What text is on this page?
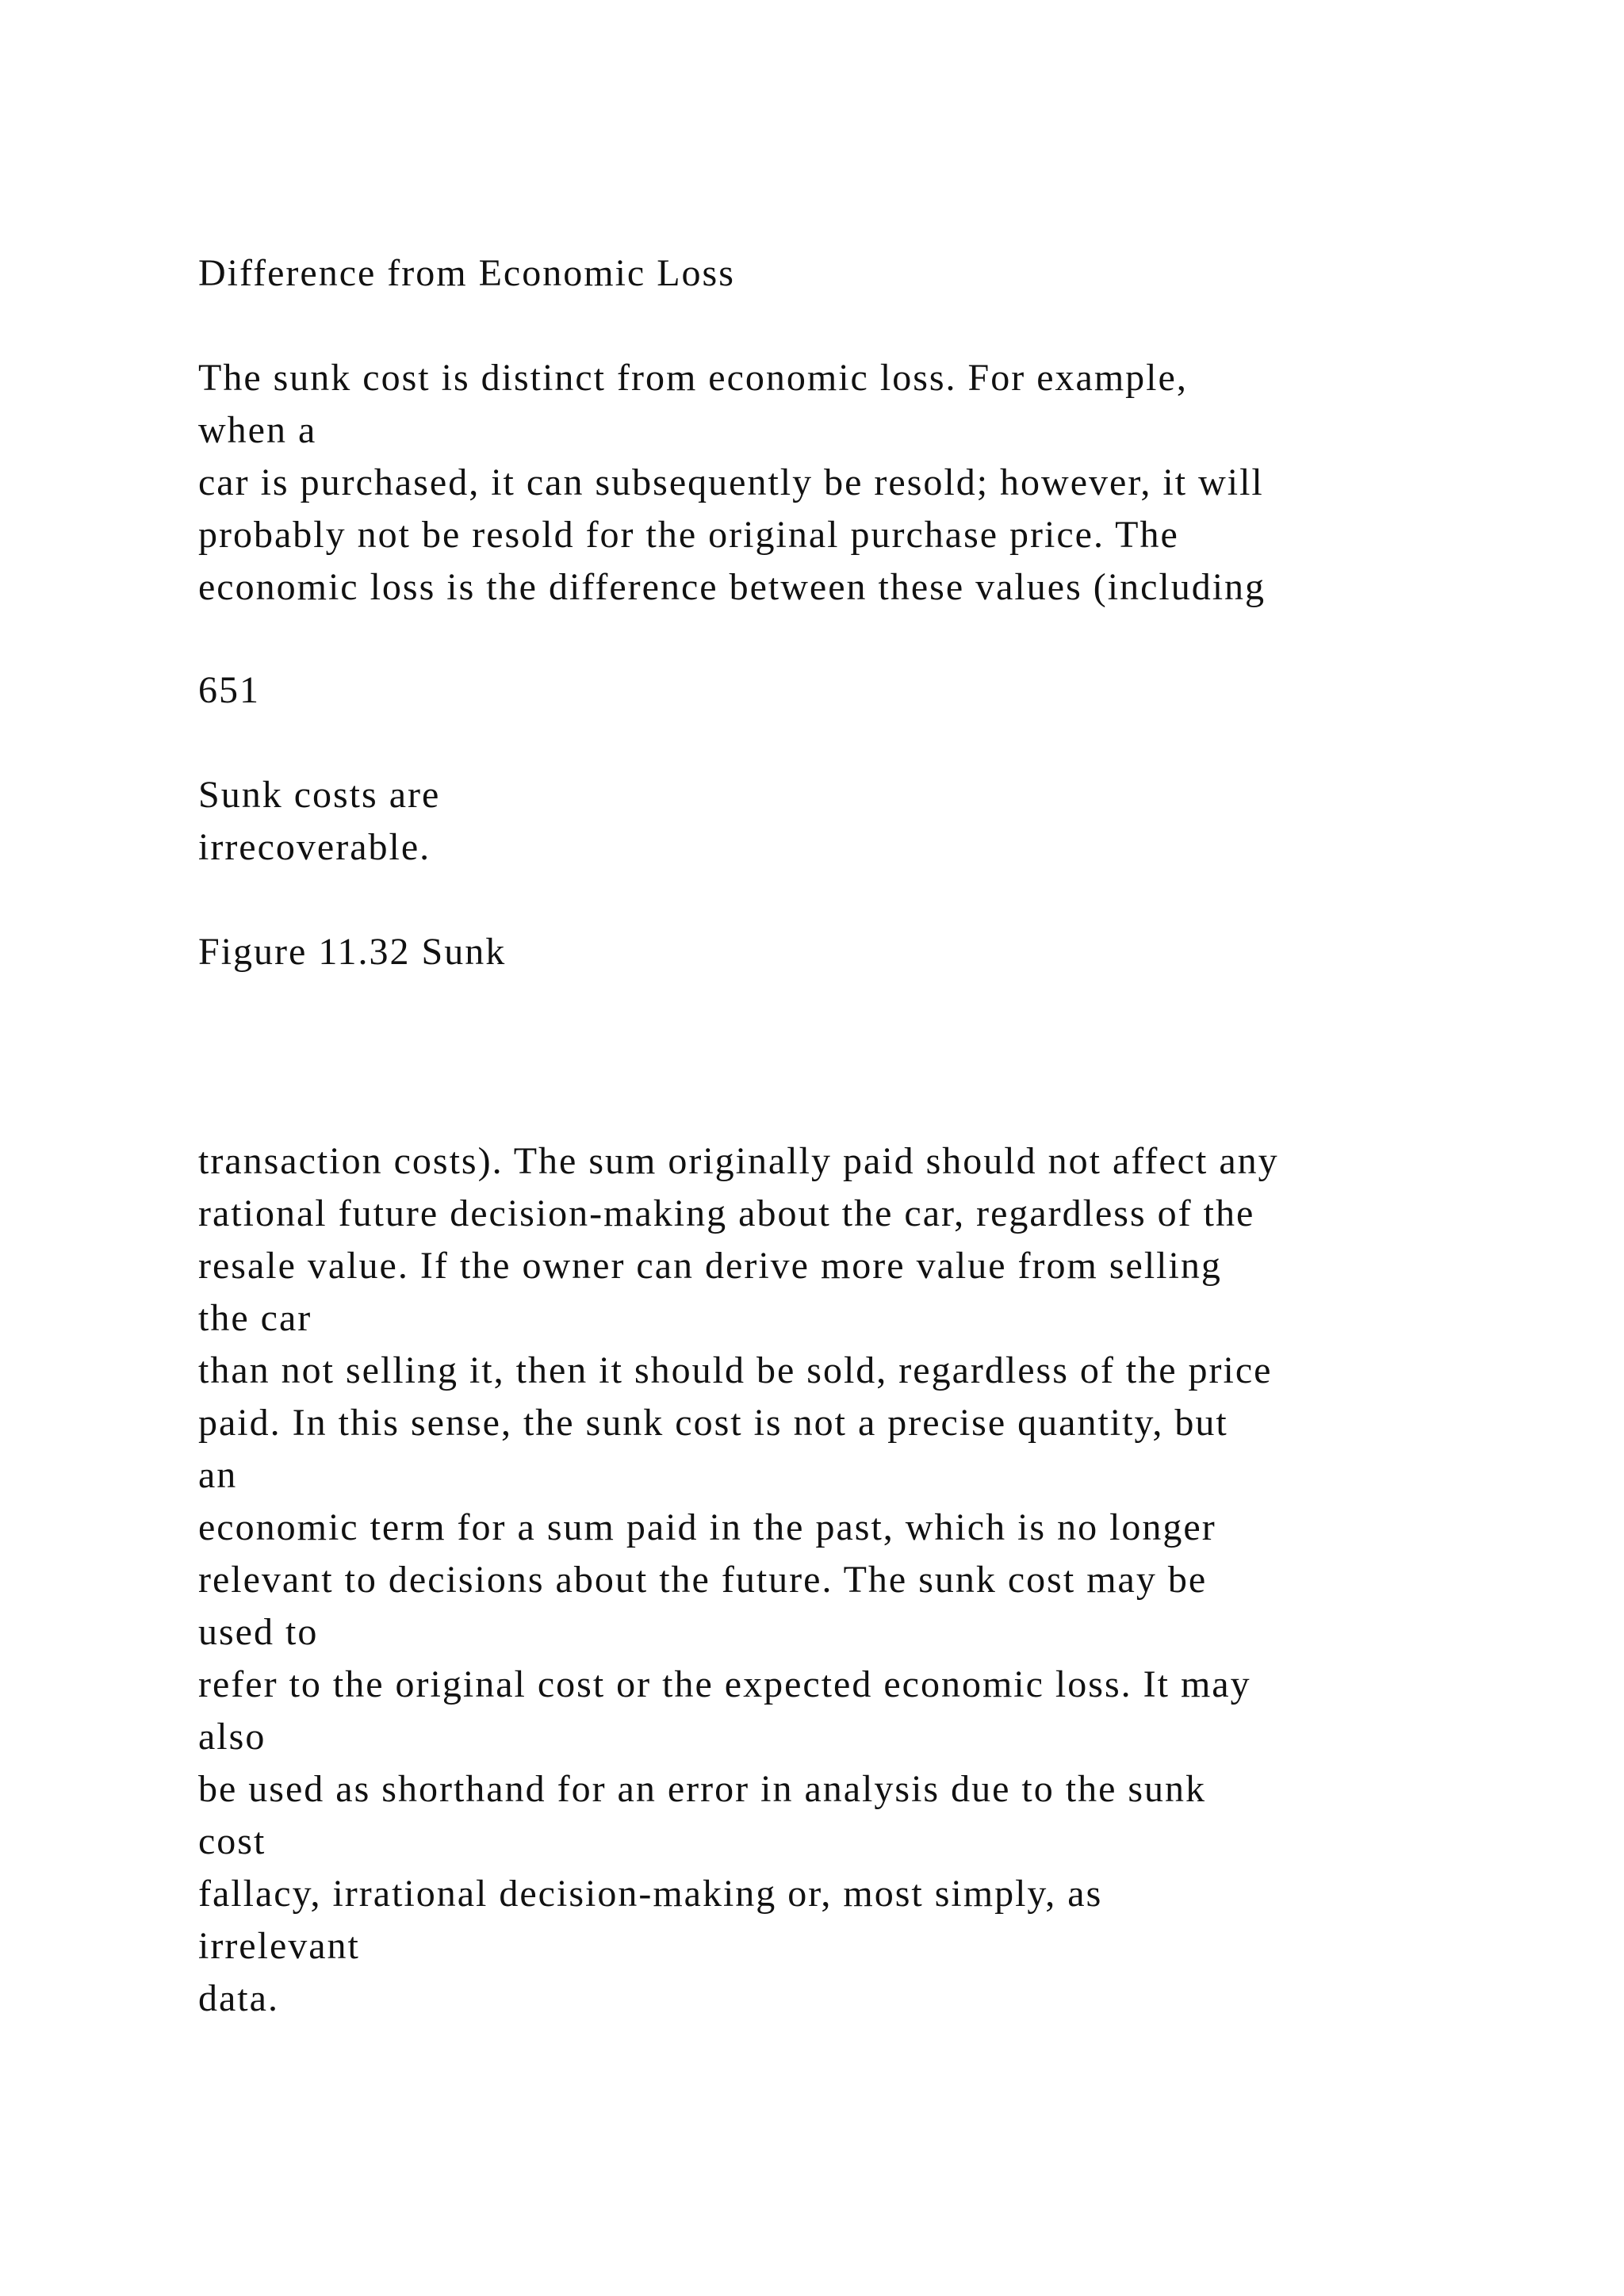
Difference from Economic Loss
The sunk cost is distinct from economic loss. For example,
when a
car is purchased, it can subsequently be resold; however, it will
probably not be resold for the original purchase price. The
economic loss is the difference between these values (including
651
Sunk costs are
irrecoverable.
Figure 11.32 Sunk
transaction costs). The sum originally paid should not affect any
rational future decision-making about the car, regardless of the
resale value. If the owner can derive more value from selling
the car
than not selling it, then it should be sold, regardless of the price
paid. In this sense, the sunk cost is not a precise quantity, but
an
economic term for a sum paid in the past, which is no longer
relevant to decisions about the future. The sunk cost may be
used to
refer to the original cost or the expected economic loss. It may
also
be used as shorthand for an error in analysis due to the sunk
cost
fallacy, irrational decision-making or, most simply, as
irrelevant
data.
